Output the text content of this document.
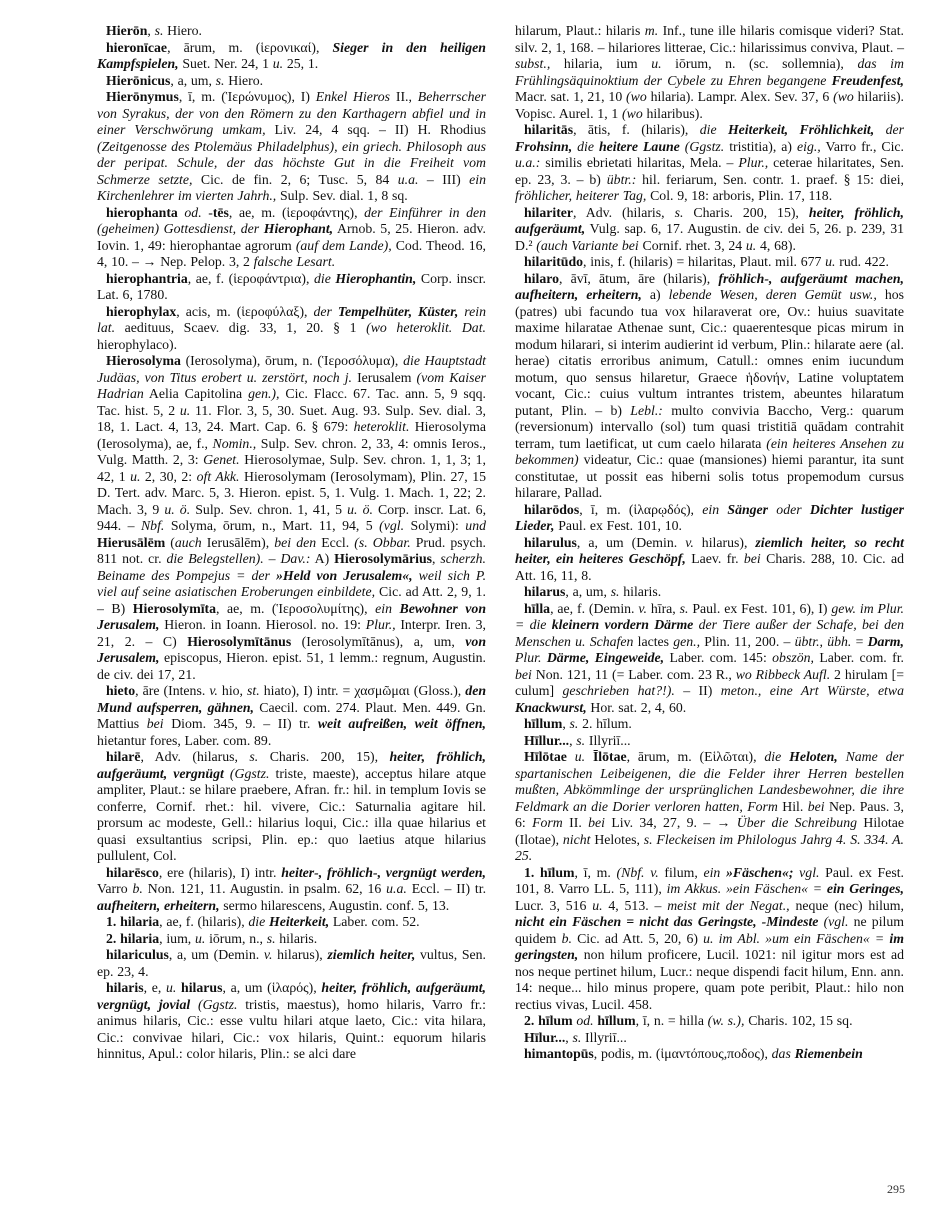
Hierōn, s. Hiero.

hieronīcae, ārum, m. (ἱερονικαί), Sieger in den heiligen Kampfspielen, Suet. Ner. 24, 1 u. 25, 1.

Hierōnicus, a, um, s. Hiero.

Hierōnymus, ī, m. (Ἱερώνυμος), I) Enkel Hieros II., Beherrscher von Syrakus, der von den Römern zu den Karthagern abfiel und in einer Verschwörung umkam, Liv. 24, 4 sqq. – II) H. Rhodius (Zeitgenosse des Ptolemäus Philadelphus), ein griech. Philosoph aus der peripat. Schule, der das höchste Gut in die Freiheit vom Schmerze setzte, Cic. de fin. 2, 6; Tusc. 5, 84 u.a. – III) ein Kirchenlehrer im vierten Jahrh., Sulp. Sev. dial. 1, 8 sq.

hierophanta od. -tēs, ae, m. (ἱεροφάντης), der Einführer in den (geheimen) Gottesdienst, der Hierophant, Arnob. 5, 25. Hieron. adv. Iovin. 1, 49: hierophantae agrorum (auf dem Lande), Cod. Theod. 16, 4, 10. – → Nep. Pelop. 3, 2 falsche Lesart.

hierophantria, ae, f. (ἱεροφάντρια), die Hierophantin, Corp. inscr. Lat. 6, 1780.

hierophylax, acis, m. (ἱεροφύλαξ), der Tempelhüter, Küster, rein lat. aedituus, Scaev. dig. 33, 1, 20. § 1 (wo heteroklit. Dat. hierophylaco).

Hierosolyma (Ierosolyma), ōrum, n. (Ἱεροσόλυμα), die Hauptstadt Judäas, von Titus erobert u. zerstört, noch j. Ierusalem (vom Kaiser Hadrian Aelia Capitolina gen.), Cic. Flacc. 67. Tac. ann. 5, 9 sqq. Tac. hist. 5, 2 u. 11. Flor. 3, 5, 30. Suet. Aug. 93. Sulp. Sev. dial. 3, 18, 1. Lact. 4, 13, 24. Mart. Cap. 6. § 679: heteroklit. Hierosolyma (Ierosolyma), ae, f., Nomin., Sulp. Sev. chron. 2, 33, 4: omnis Ieros., Vulg. Matth. 2, 3: Genet. Hierosolymae, Sulp. Sev. chron. 1, 1, 3; 1, 42, 1 u. 2, 30, 2: oft Akk. Hierosolymam (Ierosolymam), Plin. 27, 15 D. Tert. adv. Marc. 5, 3. Hieron. epist. 5, 1. Vulg. 1. Mach. 1, 22; 2. Mach. 3, 9 u. ö. Sulp. Sev. chron. 1, 41, 5 u. ö. Corp. inscr. Lat. 6, 944. – Nbf. Solyma, ōrum, n., Mart. 11, 94, 5 (vgl. Solymi): und Hierusālēm (auch Ierusālēm), bei den Eccl. (s. Obbar. Prud. psych. 811 not. cr. die Belegstellen). – Dav.: A) Hierosolymārius, scherzh. Beiname des Pompejus = der »Held von Jerusalem«, weil sich P. viel auf seine asiatischen Eroberungen einbildete, Cic. ad Att. 2, 9, 1. – B) Hierosolymīta, ae, m. (Ἱεροσολυμίτης), ein Bewohner von Jerusalem, Hieron. in Ioann. Hierosol. no. 19: Plur., Interpr. Iren. 3, 21, 2. – C) Hierosolymītānus (Ierosolymītānus), a, um, von Jerusalem, episcopus, Hieron. epist. 51, 1 lemm.: regnum, Augustin. de civ. dei 17, 21.

hieto, āre (Intens. v. hio, st. hiato), I) intr. = χασμῶμαι (Gloss.), den Mund aufsperren, gähnen, Caecil. com. 274. Plaut. Men. 449. Gn. Mattius bei Diom. 345, 9. – II) tr. weit aufreißen, weit öffnen, hietantur fores, Laber. com. 89.

hilarē, Adv. (hilarus, s. Charis. 200, 15), heiter, fröhlich, aufgeräumt, vergnügt (Ggstz. triste, maeste), acceptus hilare atque ampliter, Plaut.: se hilare praebere, Afran. fr.: hil. in templum Iovis se conferre, Cornif. rhet.: hil. vivere, Cic.: Saturnalia agitare hil. prorsum ac modeste, Gell.: hilarius loqui, Cic.: illa quae hilarius et quasi exsultantius scripsi, Plin. ep.: quo laetius atque hilarius pullulent, Col.

hilarēsco, ere (hilaris), I) intr. heiter-, fröhlich-, vergnügt werden, Varro b. Non. 121, 11. Augustin. in psalm. 62, 16 u.a. Eccl. – II) tr. aufheitern, erheitern, sermo hilarescens, Augustin. conf. 5, 13.

1. hilaria, ae, f. (hilaris), die Heiterkeit, Laber. com. 52.

2. hilaria, ium, u. iōrum, n., s. hilaris.

hilariculus, a, um (Demin. v. hilarus), ziemlich heiter, vultus, Sen. ep. 23, 4.

hilaris, e, u. hilarus, a, um (ἱλαρός), heiter, fröhlich, aufgeräumt, vergnügt, jovial (Ggstz. tristis, maestus), homo hilaris, Varro fr.: animus hilaris, Cic.: esse vultu hilari atque laeto, Cic.: vita hilara, Cic.: convivae hilari, Cic.: vox hilaris, Quint.: equorum hilaris hinnitus, Apul.: color hilaris, Plin.: se alci dare

hilarum, Plaut.: hilaris m. Inf., tune ille hilaris comisque videri? Stat. silv. 2, 1, 168. – hilariores litterae, Cic.: hilarissimus conviva, Plaut. – subst., hilaria, ium u. iōrum, n. (sc. sollemnia), das im Frühlingsäquinoktium der Cybele zu Ehren begangene Freudenfest, Macr. sat. 1, 21, 10 (wo hilaria). Lampr. Alex. Sev. 37, 6 (wo hilariis). Vopisc. Aurel. 1, 1 (wo hilaribus).

hilaritās, ātis, f. (hilaris), die Heiterkeit, Fröhlichkeit, der Frohsinn, die heitere Laune (Ggstz. tristitia), a) eig., Varro fr., Cic. u.a.: similis ebrietati hilaritas, Mela. – Plur., ceterae hilaritates, Sen. ep. 23, 3. – b) übtr.: hil. feriarum, Sen. contr. 1. praef. § 15: diei, fröhlicher, heiterer Tag, Col. 9, 18: arboris, Plin. 17, 118.

hilariter, Adv. (hilaris, s. Charis. 200, 15), heiter, fröhlich, aufgeräumt, Vulg. sap. 6, 17. Augustin. de civ. dei 5, 26. p. 239, 31 D.² (auch Variante bei Cornif. rhet. 3, 24 u. 4, 68).

hilaritūdo, inis, f. (hilaris) = hilaritas, Plaut. mil. 677 u. rud. 422.

hilaro, āvī, ātum, āre (hilaris), fröhlich-, aufgeräumt machen, aufheitern, erheitern, a) lebende Wesen, deren Gemüt usw., hos (patres) ubi facundo tua vox hilaraverat ore, Ov.: huius suavitate maxime hilaratae Athenae sunt, Cic.: quaerentesque picas mirum in modum hilarari, si interim audierint id verbum, Plin.: hilarate aere (al. herae) citatis erroribus animum, Catull.: omnes enim iucundum motum, quo sensus hilaretur, Graece ἡδονήν, Latine voluptatem vocant, Cic.: cuius vultum intrantes tristem, abeuntes hilaratum putant, Plin. – b) Lebl.: multo convivia Baccho, Verg.: quarum (reversionum) intervallo (sol) tum quasi tristitiā quādam contrahit terram, tum laetificat, ut cum caelo hilarata (ein heiteres Ansehen zu bekommen) videatur, Cic.: quae (mansiones) hiemi parantur, ita sunt constitutae, ut possit eas hiberni solis totus propemodum cursus hilarare, Pallad.

hilarōdos, ī, m. (ἱλαρῳδός), ein Sänger oder Dichter lustiger Lieder, Paul. ex Fest. 101, 10.

hilarulus, a, um (Demin. v. hilarus), ziemlich heiter, so recht heiter, ein heiteres Geschöpf, Laev. fr. bei Charis. 288, 10. Cic. ad Att. 16, 11, 8.

hilarus, a, um, s. hilaris.

hīlla, ae, f. (Demin. v. hīra, s. Paul. ex Fest. 101, 6), I) gew. im Plur. = die kleinern vordern Därme der Tiere außer der Schafe, bei den Menschen u. Schafen lactes gen., Plin. 11, 200. – übtr., übh. = Darm, Plur. Därme, Eingeweide, Laber. com. 145: obszön, Laber. com. fr. bei Non. 121, 11 (= Laber. com. 23 R., wo Ribbeck Aufl. 2 hirulam [= culum] geschrieben hat?!). – II) meton., eine Art Würste, etwa Knackwurst, Hor. sat. 2, 4, 60.

hīllum, s. 2. hīlum.

Hīllur..., s. Illyriī...

Hīlōtae u. Īlōtae, ārum, m. (Εἱλῶται), die Heloten, Name der spartanischen Leibeigenen, die die Felder ihrer Herren bestellen mußten, Abkömmlinge der ursprünglichen Landesbewohner, die ihre Feldmark an die Dorier verloren hatten, Form Hil. bei Nep. Paus. 3, 6: Form II. bei Liv. 34, 27, 9. – → Über die Schreibung Hilotae (Ilotae), nicht Helotes, s. Fleckeisen im Philologus Jahrg 4. S. 334. A. 25.

1. hīlum, ī, m. (Nbf. v. filum, ein »Fäschen«; vgl. Paul. ex Fest. 101, 8. Varro LL. 5, 111), im Akkus. »ein Fäschen« = ein Geringes, Lucr. 3, 516 u. 4, 513. – meist mit der Negat., neque (nec) hilum, nicht ein Fäschen = nicht das Geringste, -Mindeste (vgl. ne pilum quidem b. Cic. ad Att. 5, 20, 6) u. im Abl. »um ein Fäschen« = im geringsten, non hilum proficere, Lucil. 1021: nil igitur mors est ad nos neque pertinet hilum, Lucr.: neque dispendi facit hilum, Enn. ann. 14: neque... hilo minus propere, quam pote peribit, Plaut.: hilo non rectius vivas, Lucil. 458.

2. hīlum od. hīllum, ī, n. = hilla (w. s.), Charis. 102, 15 sq.

Hīlur..., s. Illyriī...

himantopūs, podis, m. (ἱμαντόπους,ποδος), das Riemenbein

295
